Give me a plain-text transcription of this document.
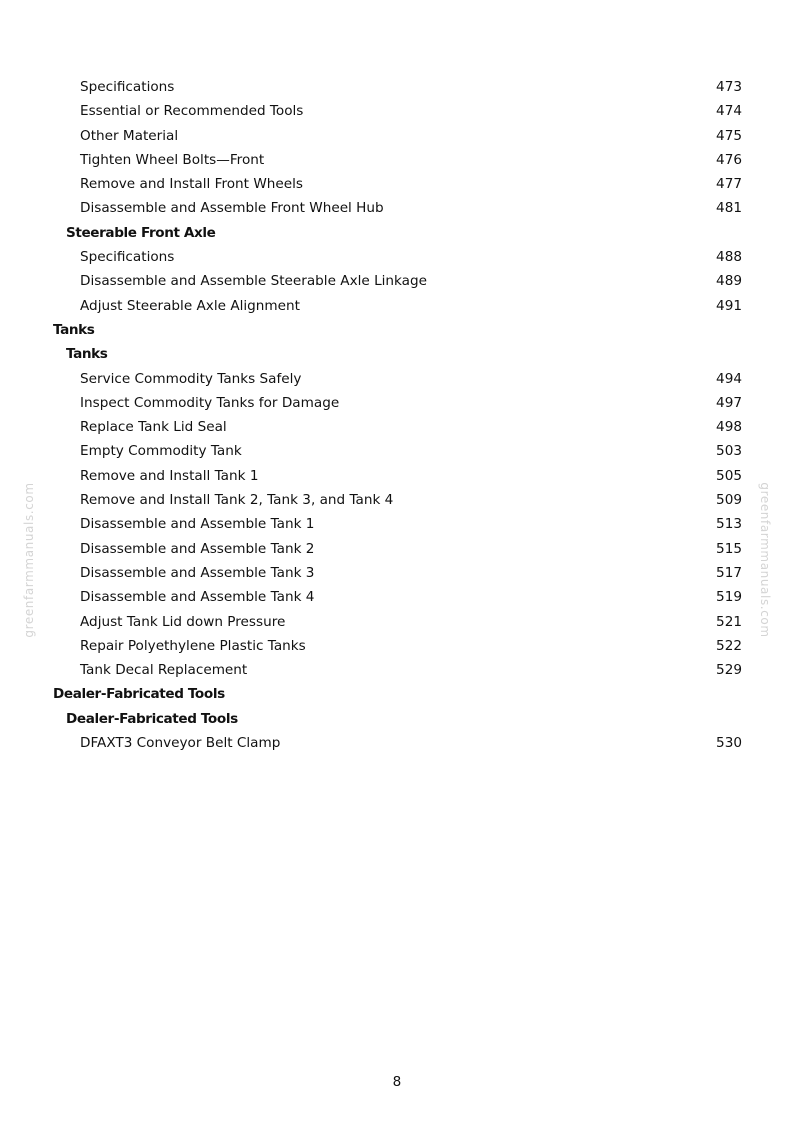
Specifications	473
Essential or Recommended Tools	474
Other Material	475
Tighten Wheel Bolts—Front	476
Remove and Install Front Wheels	477
Disassemble and Assemble Front Wheel Hub	481
Steerable Front Axle
Specifications	488
Disassemble and Assemble Steerable Axle Linkage	489
Adjust Steerable Axle Alignment	491
Tanks
Tanks
Service Commodity Tanks Safely	494
Inspect Commodity Tanks for Damage	497
Replace Tank Lid Seal	498
Empty Commodity Tank	503
Remove and Install Tank 1	505
Remove and Install Tank 2, Tank 3, and Tank 4	509
Disassemble and Assemble Tank 1	513
Disassemble and Assemble Tank 2	515
Disassemble and Assemble Tank 3	517
Disassemble and Assemble Tank 4	519
Adjust Tank Lid down Pressure	521
Repair Polyethylene Plastic Tanks	522
Tank Decal Replacement	529
Dealer-Fabricated Tools
Dealer-Fabricated Tools
DFAXT3 Conveyor Belt Clamp	530
greenfarmmanuals.com	greenfarmmanuals.com
8
